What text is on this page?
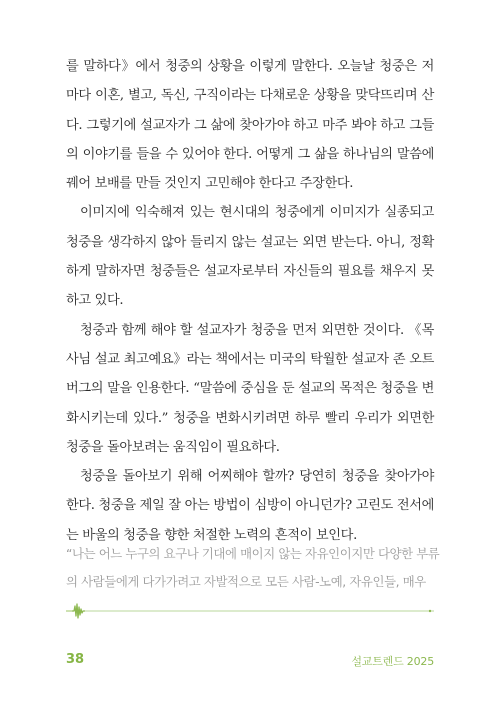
를 말하다》에서 청중의 상황을 이렇게 말한다. 오늘날 청중은 저마다 이혼, 별고, 독신, 구직이라는 다채로운 상황을 맞닥뜨리며 산다. 그렇기에 설교자가 그 삶에 찾아가야 하고 마주 봐야 하고 그들의 이야기를 들을 수 있어야 한다. 어떻게 그 삶을 하나님의 말씀에 꿰어 보배를 만들 것인지 고민해야 한다고 주장한다.

이미지에 익숙해져 있는 현시대의 청중에게 이미지가 실종되고 청중을 생각하지 않아 들리지 않는 설교는 외면 받는다. 아니, 정확하게 말하자면 청중들은 설교자로부터 자신들의 필요를 채우지 못하고 있다.

청중과 함께 해야 할 설교자가 청중을 먼저 외면한 것이다. 《목사님 설교 최고예요》라는 책에서는 미국의 탁월한 설교자 존 오트버그의 말을 인용한다. “말씀에 중심을 둔 설교의 목적은 청중을 변화시키는데 있다.” 청중을 변화시키려면 하루 빨리 우리가 외면한 청중을 돌아보려는 움직임이 필요하다.

청중을 돌아보기 위해 어찌해야 할까? 당연히 청중을 찾아가야 한다. 청중을 제일 잘 아는 방법이 심방이 아니던가? 고린도 전서에는 바울의 청중을 향한 처절한 노력의 흔적이 보인다.

“나는 어느 누구의 요구나 기대에 매이지 않는 자유인이지만 다양한 부류

의 사람들에게 다가가려고 자발적으로 모든 사람-노예, 자유인들, 매우

38	설교트렌드 2025
